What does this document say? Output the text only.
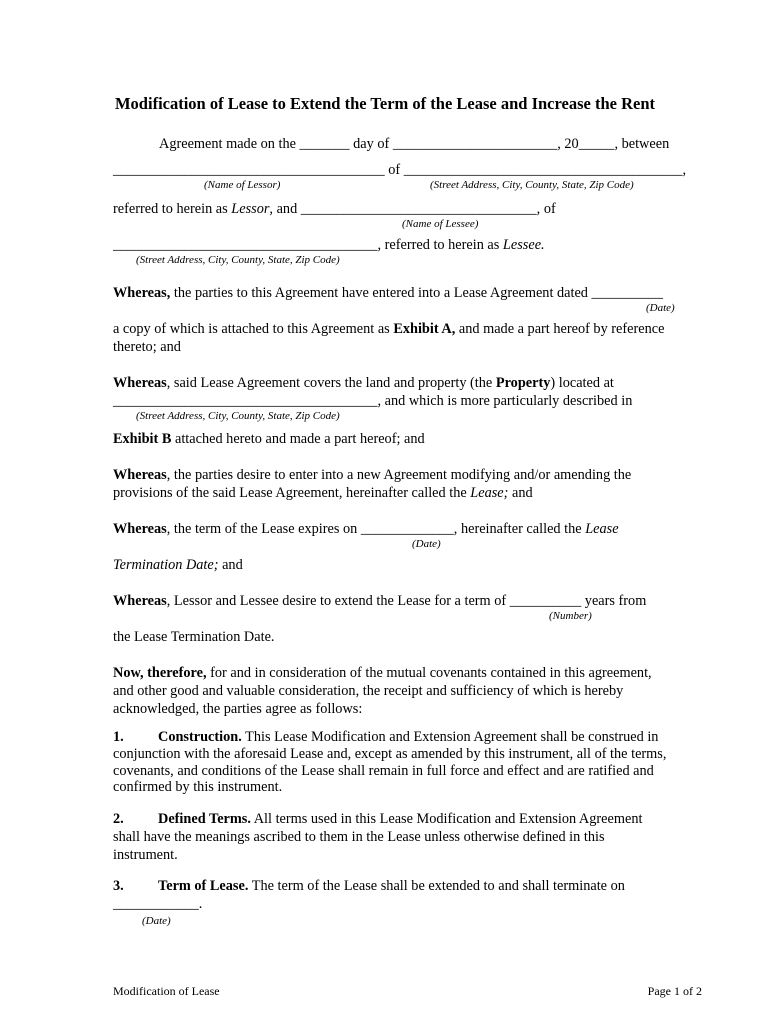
Modification of Lease to Extend the Term of the Lease and Increase the Rent
Agreement made on the _______ day of _______________________, 20_____, between
______________________________________ of _______________________________________,
(Name of Lessor)	(Street Address, City, County, State, Zip Code)
referred to herein as Lessor, and _________________________________, of
(Name of Lessee)
_____________________________________, referred to herein as Lessee.
(Street Address, City, County, State, Zip Code)
Whereas, the parties to this Agreement have entered into a Lease Agreement dated __________
(Date)
a copy of which is attached to this Agreement as Exhibit A, and made a part hereof by reference
thereto; and
Whereas, said Lease Agreement covers the land and property (the Property) located at
_____________________________________, and which is more particularly described in
(Street Address, City, County, State, Zip Code)
Exhibit B attached hereto and made a part hereof; and
Whereas, the parties desire to enter into a new Agreement modifying and/or amending the
provisions of the said Lease Agreement, hereinafter called the Lease; and
Whereas, the term of the Lease expires on _____________, hereinafter called the Lease
(Date)
Termination Date; and
Whereas, Lessor and Lessee desire to extend the Lease for a term of __________ years from
(Number)
the Lease Termination Date.
Now, therefore, for and in consideration of the mutual covenants contained in this agreement,
and other good and valuable consideration, the receipt and sufficiency of which is hereby
acknowledged, the parties agree as follows:
1. Construction. This Lease Modification and Extension Agreement shall be construed in
conjunction with the aforesaid Lease and, except as amended by this instrument, all of the terms,
covenants, and conditions of the Lease shall remain in full force and effect and are ratified and
confirmed by this instrument.
2. Defined Terms. All terms used in this Lease Modification and Extension Agreement
shall have the meanings ascribed to them in the Lease unless otherwise defined in this
instrument.
3. Term of Lease. The term of the Lease shall be extended to and shall terminate on
____________.
(Date)
Modification of Lease	Page 1 of 2
